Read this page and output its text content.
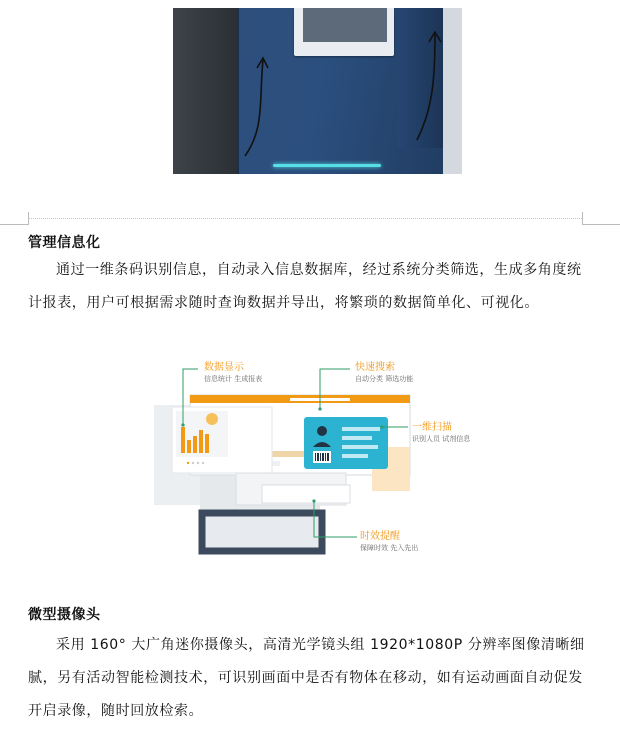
管理信息化
通过一维条码识别信息，自动录入信息数据库，经过系统分类筛选，生成多角度统计报表，用户可根据需求随时查询数据并导出，将繁琐的数据简单化、可视化。
数据显示
信息统计 生成报表
快速搜索
自动分类 筛选功能
一维扫描
识别人员 试剂信息
时效提醒
保障时效 先入先出
微型摄像头
采用 160° 大广角迷你摄像头，高清光学镜头组 1920*1080P 分辨率图像清晰细腻，另有活动智能检测技术，可识别画面中是否有物体在移动，如有运动画面自动促发开启录像，随时回放检索。
